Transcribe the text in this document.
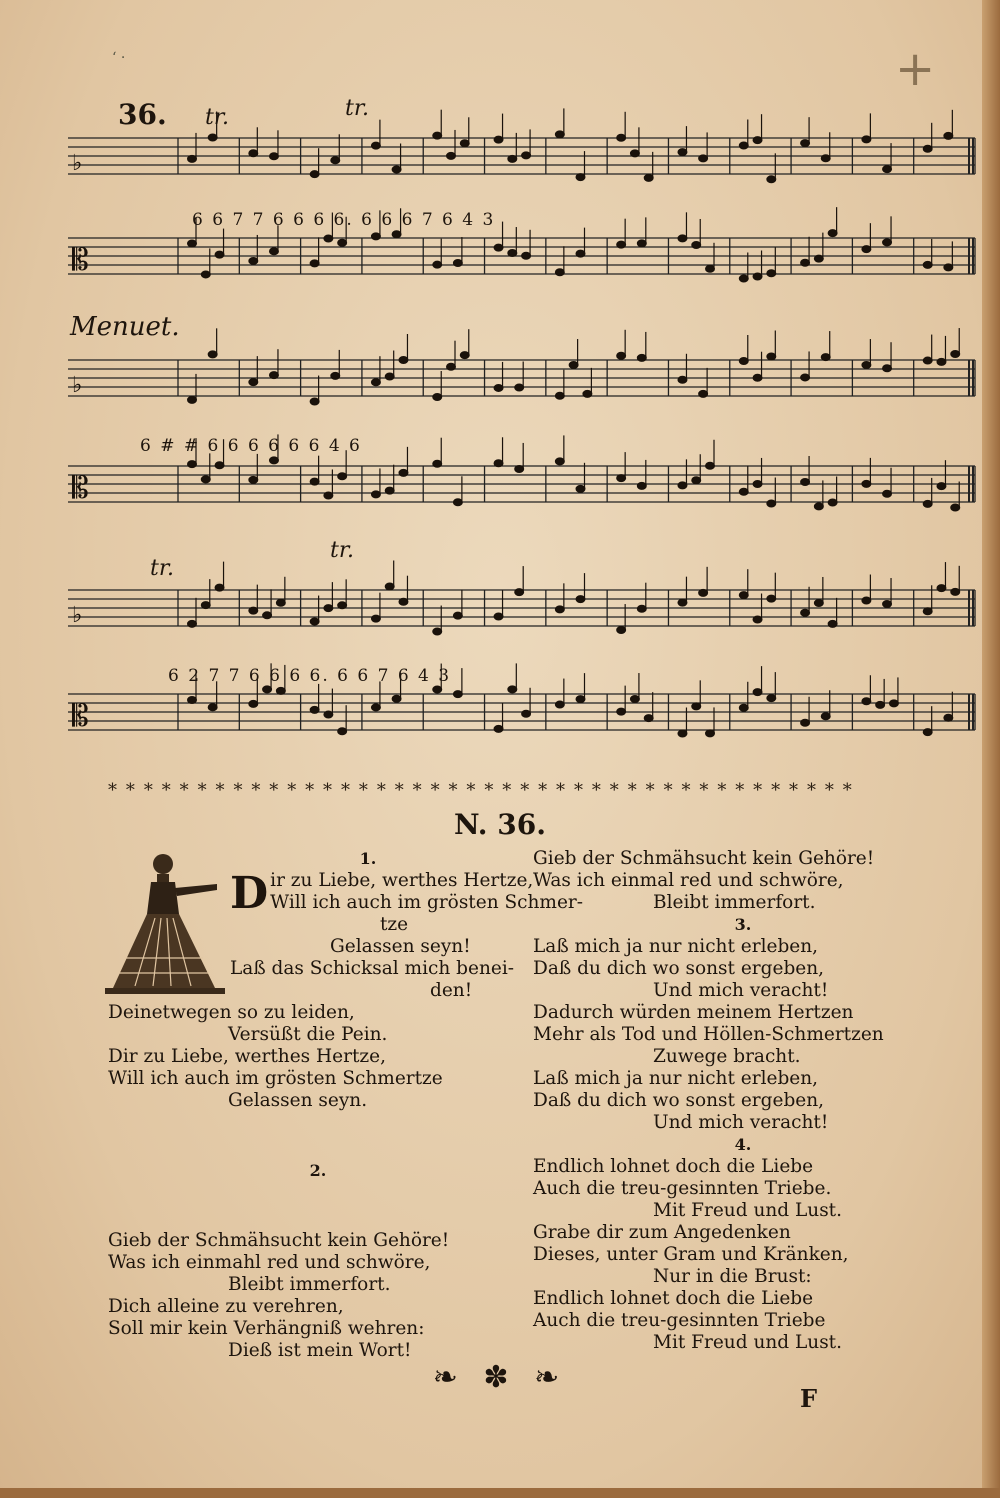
ʻ ·	+
♭
𝄡
♭
𝄡
♭
𝄡
36. tr.	tr.
Menuet.
tr.
tr.
6 6 7 7 6 6 6 6. 6 6 6 7 6 4 3
6 # # 6 6 6 6 6 6 4 6
6 2 7 7 6 6 6 6. 6 6 7 6 4 3
* * * * * * * * * * * * * * * * * * * * * * * * * * * * * * * * * * * * * * * * * *
N. 36.
1.
D ir zu Liebe, werthes Hertze,
Will ich auch im grösten Schmer-
tze
Gelassen seyn!
Laß das Schicksal mich benei-
den!
Deinetwegen so zu leiden,
Versüßt die Pein.
Dir zu Liebe, werthes Hertze,
Will ich auch im grösten Schmertze
Gelassen seyn.
2.
Gieb der Schmähsucht kein Gehöre!
Was ich einmahl red und schwöre,
Bleibt immerfort.
Dich alleine zu verehren,
Soll mir kein Verhängniß wehren:
Dieß ist mein Wort!
Gieb der Schmähsucht kein Gehöre!
Was ich einmal red und schwöre,
Bleibt immerfort.
3.
Laß mich ja nur nicht erleben,
Daß du dich wo sonst ergeben,
Und mich veracht!
Dadurch würden meinem Hertzen
Mehr als Tod und Höllen-Schmertzen
Zuwege bracht.
Laß mich ja nur nicht erleben,
Daß du dich wo sonst ergeben,
Und mich veracht!
4.
Endlich lohnet doch die Liebe
Auch die treu-gesinnten Triebe.
Mit Freud und Lust.
Grabe dir zum Angedenken
Dieses, unter Gram und Kränken,
Nur in die Brust:
Endlich lohnet doch die Liebe
Auch die treu-gesinnten Triebe
Mit Freud und Lust.
❧ ✽ ❧
F
